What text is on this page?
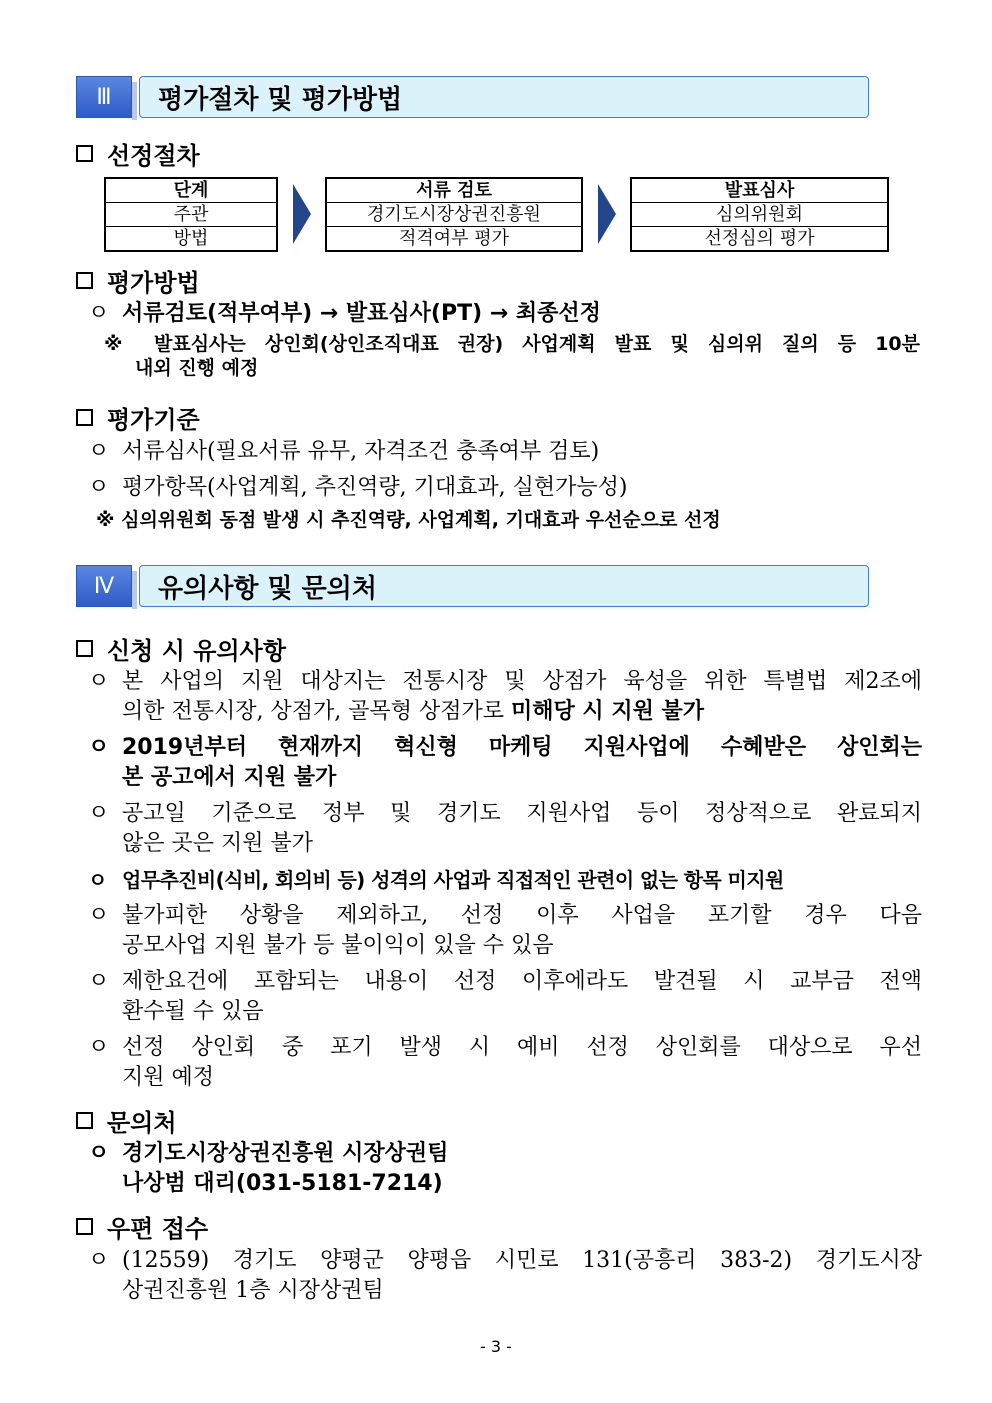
Ⅲ	평가절차 및 평가방법
선정절차
단계
주관
방법
서류 검토
경기도시장상권진흥원
적격여부 평가
발표심사
심의위원회
선정심의 평가
평가방법
ㅇ 서류검토(적부여부) → 발표심사(PT) → 최종선정
※ 발표심사는 상인회(상인조직대표 권장) 사업계획 발표 및 심의위 질의 등 10분
내외 진행 예정
평가기준
ㅇ 서류심사(필요서류 유무, 자격조건 충족여부 검토)
ㅇ 평가항목(사업계획, 추진역량, 기대효과, 실현가능성)
※ 심의위원회 동점 발생 시 추진역량, 사업계획, 기대효과 우선순으로 선정
Ⅳ	유의사항 및 문의처
신청 시 유의사항
ㅇ 본 사업의 지원 대상지는 전통시장 및 상점가 육성을 위한 특별법 제2조에
의한 전통시장, 상점가, 골목형 상점가로 미해당 시 지원 불가
ㅇ 2019년부터 현재까지 혁신형 마케팅 지원사업에 수혜받은 상인회는
본 공고에서 지원 불가
ㅇ 공고일 기준으로 정부 및 경기도 지원사업 등이 정상적으로 완료되지
않은 곳은 지원 불가
ㅇ 업무추진비(식비, 회의비 등) 성격의 사업과 직접적인 관련이 없는 항목 미지원
ㅇ 불가피한 상황을 제외하고, 선정 이후 사업을 포기할 경우 다음
공모사업 지원 불가 등 불이익이 있을 수 있음
ㅇ 제한요건에 포함되는 내용이 선정 이후에라도 발견될 시 교부금 전액
환수될 수 있음
ㅇ 선정 상인회 중 포기 발생 시 예비 선정 상인회를 대상으로 우선
지원 예정
문의처
ㅇ 경기도시장상권진흥원 시장상권팀
나상범 대리(031-5181-7214)
우편 접수
ㅇ (12559) 경기도 양평군 양평읍 시민로 131(공흥리 383-2) 경기도시장
상권진흥원 1층 시장상권팀
- 3 -
